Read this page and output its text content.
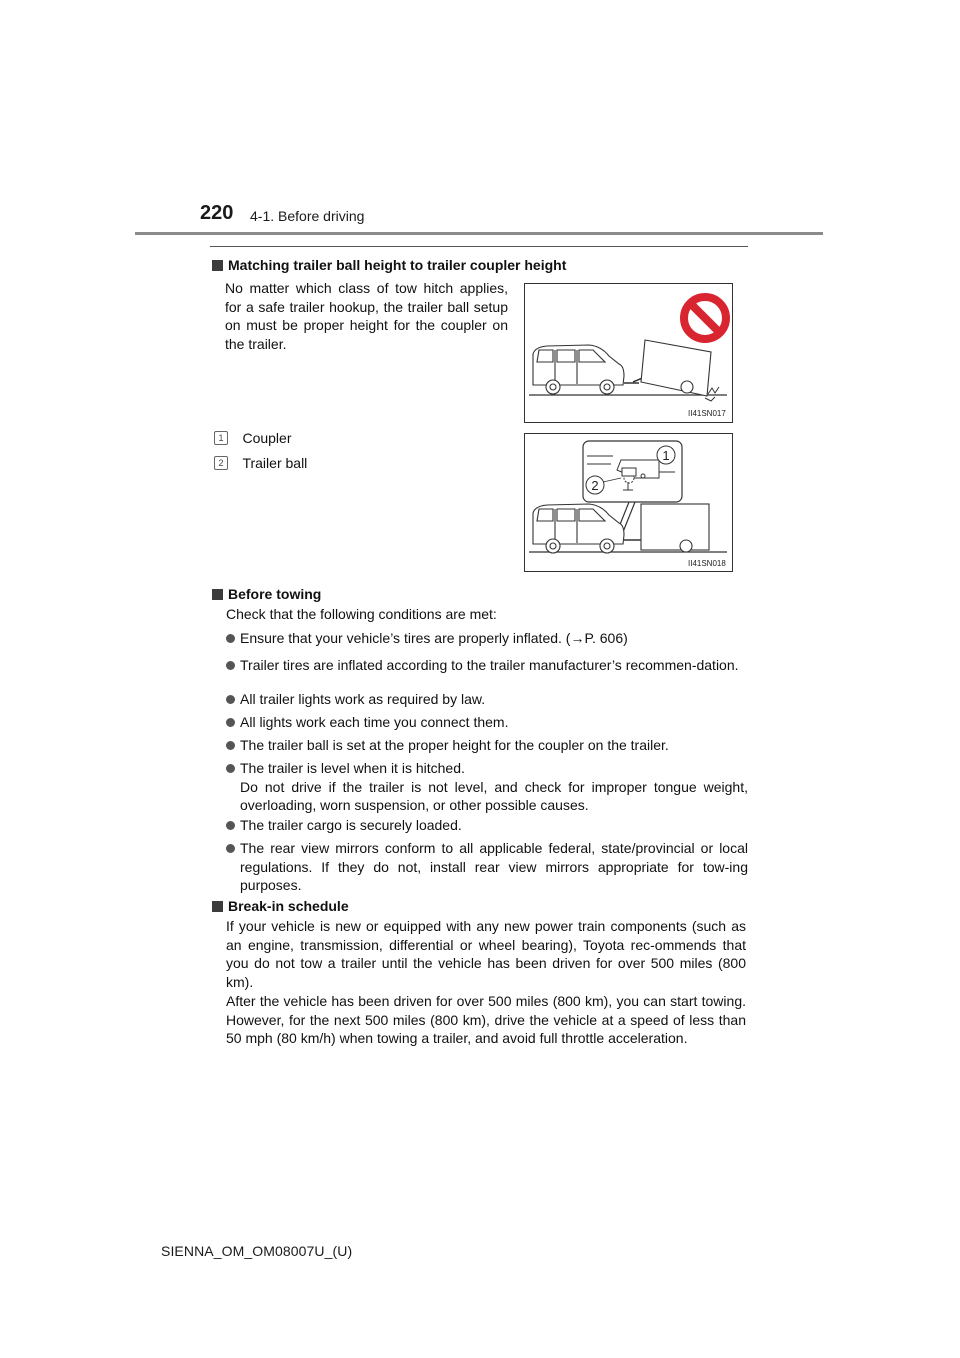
220 4-1. Before driving
Matching trailer ball height to trailer coupler height
No matter which class of tow hitch applies, for a safe trailer hookup, the trailer ball setup on must be proper height for the coupler on the trailer.
II41SN017
1 Coupler
2 Trailer ball	1
2
II41SN018
Before towing
Check that the following conditions are met:
Ensure that your vehicle’s tires are properly inflated. (→P. 606)
Trailer tires are inflated according to the trailer manufacturer’s recommen-dation.
All trailer lights work as required by law.
All lights work each time you connect them.
The trailer ball is set at the proper height for the coupler on the trailer.
The trailer is level when it is hitched.
Do not drive if the trailer is not level, and check for improper tongue weight, overloading, worn suspension, or other possible causes.
The trailer cargo is securely loaded.
The rear view mirrors conform to all applicable federal, state/provincial or local regulations. If they do not, install rear view mirrors appropriate for tow-ing purposes.
Break-in schedule
If your vehicle is new or equipped with any new power train components (such as an engine, transmission, differential or wheel bearing), Toyota rec-ommends that you do not tow a trailer until the vehicle has been driven for over 500 miles (800 km).
After the vehicle has been driven for over 500 miles (800 km), you can start towing. However, for the next 500 miles (800 km), drive the vehicle at a speed of less than 50 mph (80 km/h) when towing a trailer, and avoid full throttle acceleration.
SIENNA_OM_OM08007U_(U)
